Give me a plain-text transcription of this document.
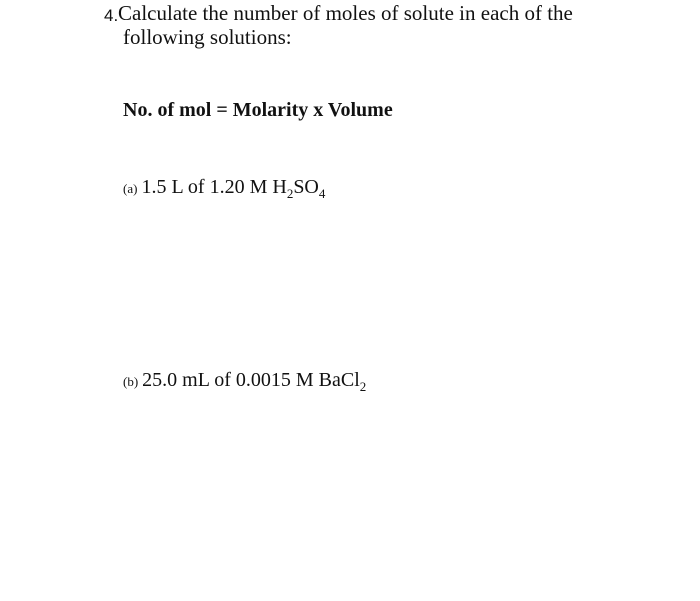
4. Calculate the number of moles of solute in each of the
following solutions:
No. of mol = Molarity x Volume
(a) 1.5 L of 1.20 M $H_2SO_4$
(b) 25.0 mL of 0.0015 M BaCl$_2$
